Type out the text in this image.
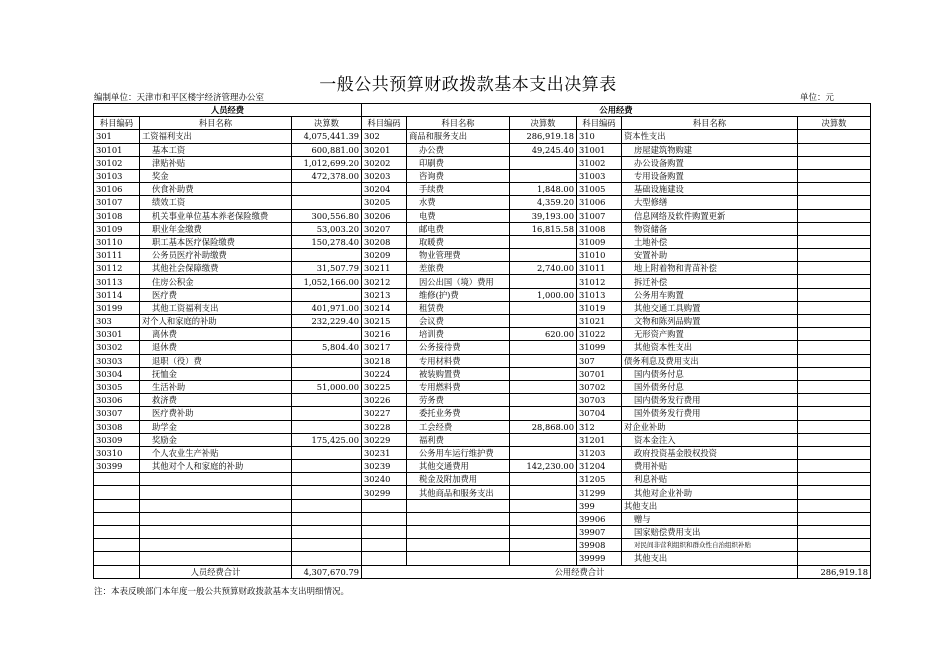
一般公共预算财政拨款基本支出决算表
编制单位：天津市和平区楼宇经济管理办公室	单位：元
人员经费			公用经费					
科目编码	科目名称	决算数	科目编码	科目名称	决算数	科目编码	科目名称	决算数
301	工资福利支出	4,075,441.39	302	商品和服务支出	286,919.18	310	资本性支出	
30101	基本工资	600,881.00	30201	办公费	49,245.40	31001	房屋建筑物购建	
30102	津贴补贴	1,012,699.20	30202	印刷费		31002	办公设备购置	
30103	奖金	472,378.00	30203	咨询费		31003	专用设备购置	
30106	伙食补助费		30204	手续费	1,848.00	31005	基础设施建设	
30107	绩效工资		30205	水费	4,359.20	31006	大型修缮	
30108	机关事业单位基本养老保险缴费	300,556.80	30206	电费	39,193.00	31007	信息网络及软件购置更新	
30109	职业年金缴费	53,003.20	30207	邮电费	16,815.58	31008	物资储备	
30110	职工基本医疗保险缴费	150,278.40	30208	取暖费		31009	土地补偿	
30111	公务员医疗补助缴费		30209	物业管理费		31010	安置补助	
30112	其他社会保障缴费	31,507.79	30211	差旅费	2,740.00	31011	地上附着物和青苗补偿	
30113	住房公积金	1,052,166.00	30212	因公出国（境）费用		31012	拆迁补偿	
30114	医疗费		30213	维修(护)费	1,000.00	31013	公务用车购置	
30199	其他工资福利支出	401,971.00	30214	租赁费		31019	其他交通工具购置	
303	对个人和家庭的补助	232,229.40	30215	会议费		31021	文物和陈列品购置	
30301	离休费		30216	培训费	620.00	31022	无形资产购置	
30302	退休费	5,804.40	30217	公务接待费		31099	其他资本性支出	
30303	退职（役）费		30218	专用材料费		307	债务利息及费用支出	
30304	抚恤金		30224	被装购置费		30701	国内债务付息	
30305	生活补助	51,000.00	30225	专用燃料费		30702	国外债务付息	
30306	救济费		30226	劳务费		30703	国内债务发行费用	
30307	医疗费补助		30227	委托业务费		30704	国外债务发行费用	
30308	助学金		30228	工会经费	28,868.00	312	对企业补助	
30309	奖励金	175,425.00	30229	福利费		31201	资本金注入	
30310	个人农业生产补贴		30231	公务用车运行维护费		31203	政府投资基金股权投资	
30399	其他对个人和家庭的补助		30239	其他交通费用	142,230.00	31204	费用补贴	
			30240	税金及附加费用		31205	利息补贴	
			30299	其他商品和服务支出		31299	其他对企业补助	
						399	其他支出	
						39906	赠与	
						39907	国家赔偿费用支出	
						39908	对民间非营利组织和群众性自治组织补贴	
						39999	其他支出	
	人员经费合计	4,307,670.79	公用经费合计					286,919.18
注：本表反映部门本年度一般公共预算财政拨款基本支出明细情况。
